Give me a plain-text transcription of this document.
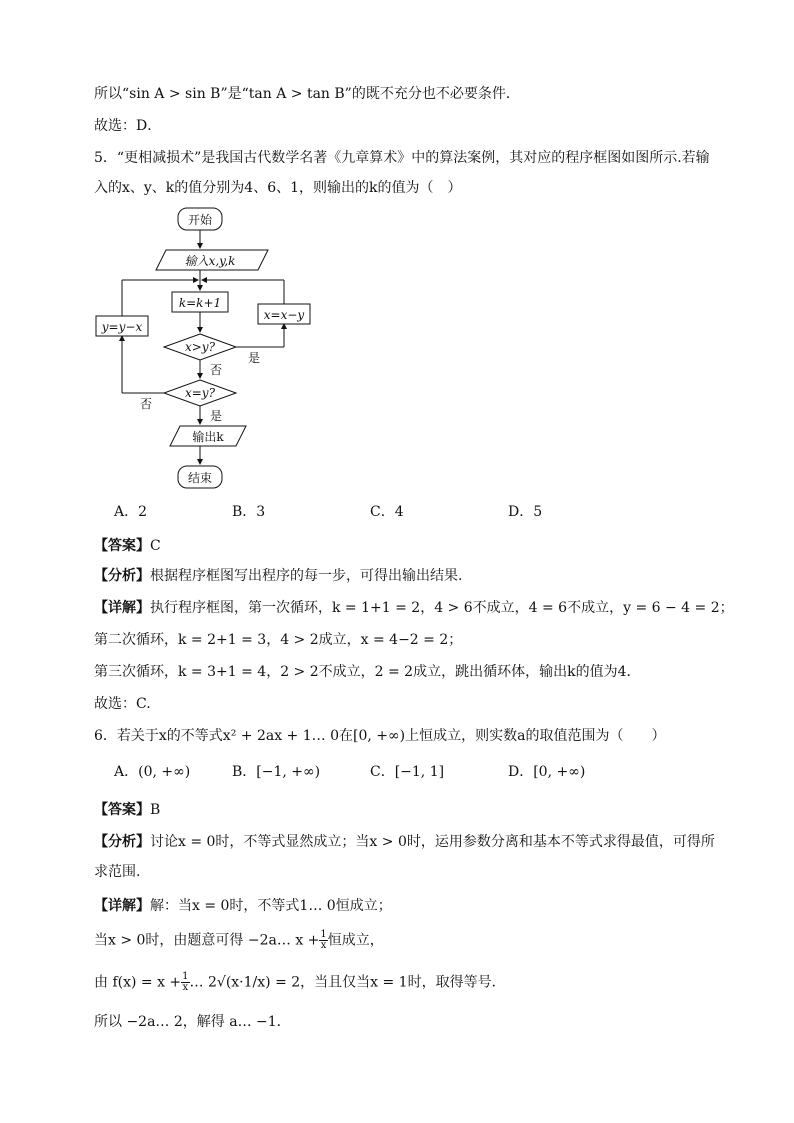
所以“sin A > sin B”是“tan A > tan B”的既不充分也不必要条件．
故选：D．
5．“更相减损术”是我国古代数学名著《九章算术》中的算法案例，其对应的程序框图如图所示.若输
入的x、y、k的值分别为4、6、1，则输出的k的值为（　）
开始
输入x,y,k
k=k+1
x>y?
是
x=x−y
否
x=y?
否
y=y−x
是
输出k
结束
A．2	B．3	C．4	D．5
【答案】C
【分析】根据程序框图写出程序的每一步，可得出输出结果.
【详解】执行程序框图，第一次循环，k = 1+1 = 2，4 > 6不成立，4 = 6不成立，y = 6 − 4 = 2；
第二次循环，k = 2+1 = 3，4 > 2成立，x = 4−2 = 2；
第三次循环，k = 3+1 = 4，2 > 2不成立，2 = 2成立，跳出循环体，输出k的值为4．
故选：C.
6．若关于x的不等式x² + 2ax + 1… 0在[0, +∞)上恒成立，则实数a的取值范围为（　　）
A．(0, +∞)	B．[−1, +∞)	C．[−1, 1]	D．[0, +∞)
【答案】B
【分析】讨论x = 0时，不等式显然成立；当x > 0时，运用参数分离和基本不等式求得最值，可得所
求范围.
【详解】解：当x = 0时，不等式1… 0恒成立；
当x > 0时，由题意可得 −2a… $x + \frac{1}{x}$ 恒成立，
由 $f(x) = x + \frac{1}{x}$ … 2√(x·1/x) = 2，当且仅当x = 1时，取得等号．
所以 −2a… 2，解得 a… −1．
